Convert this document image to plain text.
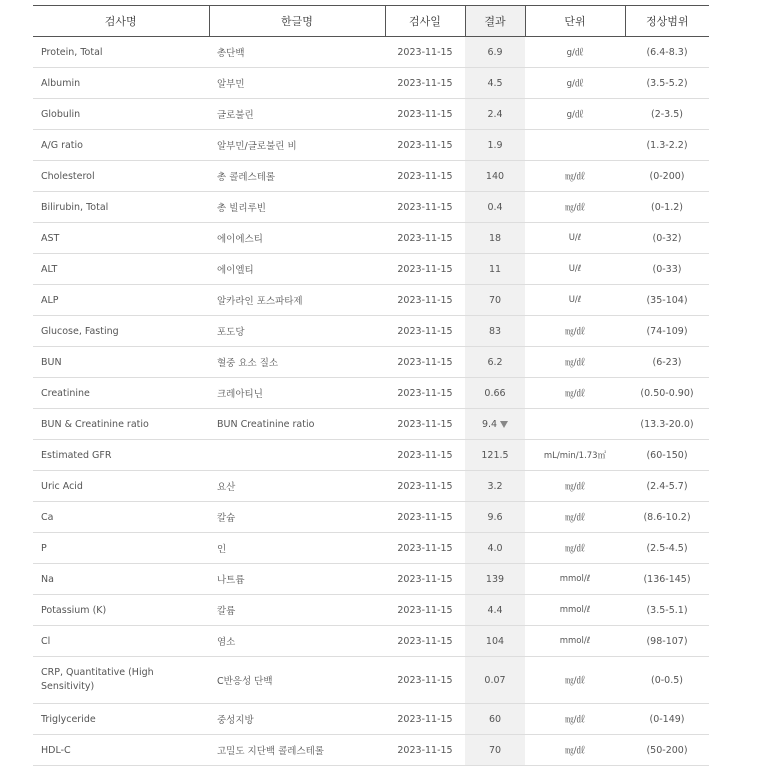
검사명	한글명	검사일	결과	단위	정상범위
Protein, Total	총단백	2023-11-15	6.9	g/㎗	(6.4-8.3)
Albumin	알부민	2023-11-15	4.5	g/㎗	(3.5-5.2)
Globulin	글로불린	2023-11-15	2.4	g/㎗	(2-3.5)
A/G ratio	알부민/글로불린 비	2023-11-15	1.9		(1.3-2.2)
Cholesterol	총 콜레스테롤	2023-11-15	140	㎎/㎗	(0-200)
Bilirubin, Total	총 빌리루빈	2023-11-15	0.4	㎎/㎗	(0-1.2)
AST	에이에스티	2023-11-15	18	U/ℓ	(0-32)
ALT	에이엘티	2023-11-15	11	U/ℓ	(0-33)
ALP	알카라인 포스파타제	2023-11-15	70	U/ℓ	(35-104)
Glucose, Fasting	포도당	2023-11-15	83	㎎/㎗	(74-109)
BUN	혈중 요소 질소	2023-11-15	6.2	㎎/㎗	(6-23)
Creatinine	크레아티닌	2023-11-15	0.66	㎎/㎗	(0.50-0.90)
BUN & Creatinine ratio	BUN Creatinine ratio	2023-11-15	9.4		(13.3-20.0)
Estimated GFR		2023-11-15	121.5	mL/min/1.73㎡	(60-150)
Uric Acid	요산	2023-11-15	3.2	㎎/㎗	(2.4-5.7)
Ca	칼슘	2023-11-15	9.6	㎎/㎗	(8.6-10.2)
P	인	2023-11-15	4.0	㎎/㎗	(2.5-4.5)
Na	나트륨	2023-11-15	139	mmol/ℓ	(136-145)
Potassium (K)	칼륨	2023-11-15	4.4	mmol/ℓ	(3.5-5.1)
Cl	염소	2023-11-15	104	mmol/ℓ	(98-107)
CRP, Quantitative (High Sensitivity)	C반응성 단백	2023-11-15	0.07	㎎/㎗	(0-0.5)
Triglyceride	중성지방	2023-11-15	60	㎎/㎗	(0-149)
HDL-C	고밀도 지단백 콜레스테롤	2023-11-15	70	㎎/㎗	(50-200)
